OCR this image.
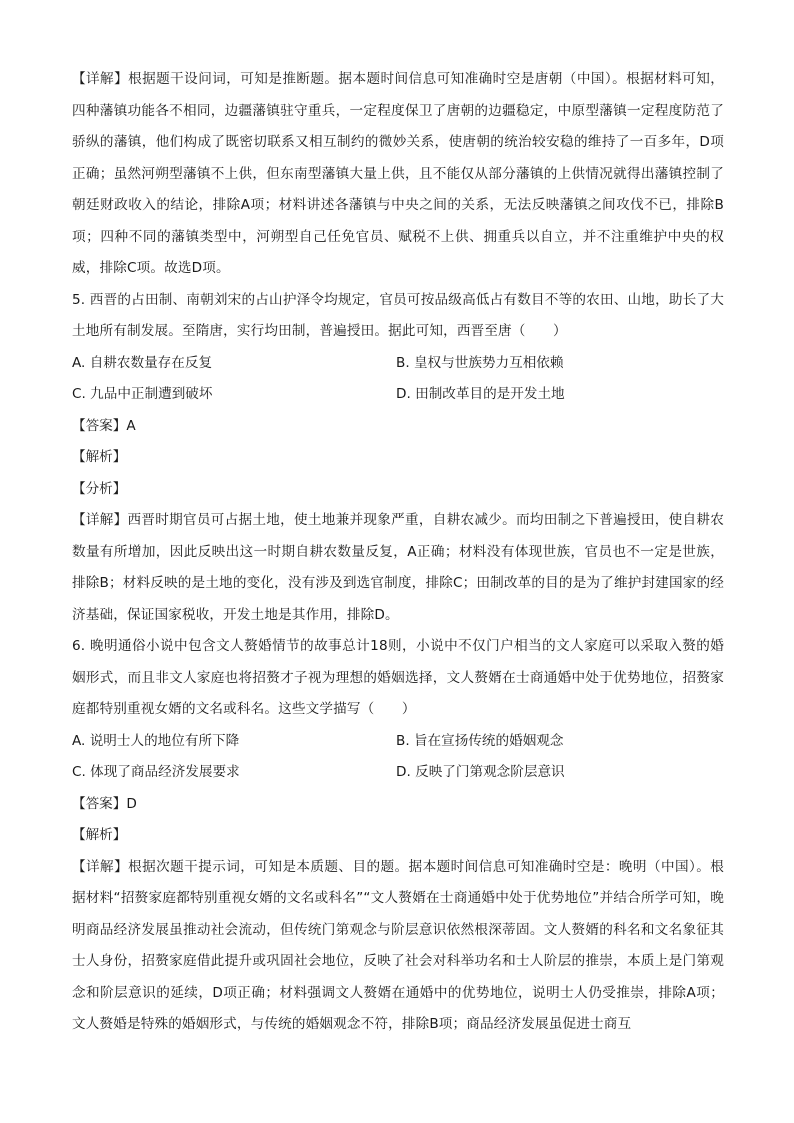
【详解】根据题干设问词，可知是推断题。据本题时间信息可知准确时空是唐朝（中国）。根据材料可知，四种藩镇功能各不相同，边疆藩镇驻守重兵，一定程度保卫了唐朝的边疆稳定，中原型藩镇一定程度防范了骄纵的藩镇，他们构成了既密切联系又相互制约的微妙关系，使唐朝的统治较安稳的维持了一百多年，D项正确；虽然河朔型藩镇不上供，但东南型藩镇大量上供，且不能仅从部分藩镇的上供情况就得出藩镇控制了朝廷财政收入的结论，排除A项；材料讲述各藩镇与中央之间的关系，无法反映藩镇之间攻伐不已，排除B项；四种不同的藩镇类型中，河朔型自己任免官员、赋税不上供、拥重兵以自立，并不注重维护中央的权威，排除C项。故选D项。

5. 西晋的占田制、南朝刘宋的占山护泽令均规定，官员可按品级高低占有数目不等的农田、山地，助长了大土地所有制发展。至隋唐，实行均田制，普遍授田。据此可知，西晋至唐（　　）

A. 自耕农数量存在反复	B. 皇权与世族势力互相依赖
C. 九品中正制遭到破坏	D. 田制改革目的是开发土地

【答案】A

【解析】

【分析】

【详解】西晋时期官员可占据土地，使土地兼并现象严重，自耕农减少。而均田制之下普遍授田，使自耕农数量有所增加，因此反映出这一时期自耕农数量反复，A正确；材料没有体现世族，官员也不一定是世族，排除B；材料反映的是土地的变化，没有涉及到选官制度，排除C；田制改革的目的是为了维护封建国家的经济基础，保证国家税收，开发土地是其作用，排除D。

6. 晚明通俗小说中包含文人赘婚情节的故事总计18则，小说中不仅门户相当的文人家庭可以采取入赘的婚姻形式，而且非文人家庭也将招赘才子视为理想的婚姻选择，文人赘婿在士商通婚中处于优势地位，招赘家庭都特别重视女婿的文名或科名。这些文学描写（　　）

A. 说明士人的地位有所下降	B. 旨在宣扬传统的婚姻观念
C. 体现了商品经济发展要求	D. 反映了门第观念阶层意识

【答案】D

【解析】

【详解】根据次题干提示词，可知是本质题、目的题。据本题时间信息可知准确时空是：晚明（中国）。根据材料“招赘家庭都特别重视女婿的文名或科名”“文人赘婿在士商通婚中处于优势地位”并结合所学可知，晚明商品经济发展虽推动社会流动，但传统门第观念与阶层意识依然根深蒂固。文人赘婿的科名和文名象征其士人身份，招赘家庭借此提升或巩固社会地位，反映了社会对科举功名和士人阶层的推崇，本质上是门第观念和阶层意识的延续，D项正确；材料强调文人赘婿在通婚中的优势地位，说明士人仍受推崇，排除A项；文人赘婚是特殊的婚姻形式，与传统的婚姻观念不符，排除B项；商品经济发展虽促进士商互
